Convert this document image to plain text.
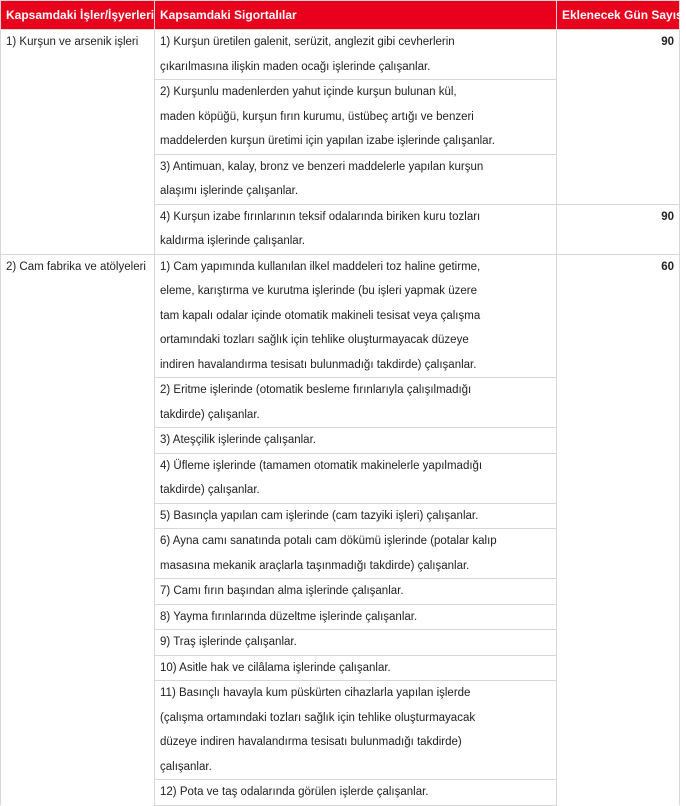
Kapsamdaki İşler/İşyerleri	Kapsamdaki Sigortalılar	Eklenecek Gün Sayısı

1) Kurşun ve arsenik işleri	1) Kurşun üretilen galenit, serüzit, anglezit gibi cevherlerin
çıkarılmasına ilişkin maden ocağı işlerinde çalışanlar.	90

	2) Kurşunlu madenlerden yahut içinde kurşun bulunan kül,
maden köpüğü, kurşun fırın kurumu, üstübeç artığı ve benzeri
maddelerden kurşun üretimi için yapılan izabe işlerinde çalışanlar.	

	3) Antimuan, kalay, bronz ve benzeri maddelerle yapılan kurşun
alaşımı işlerinde çalışanlar.	

	4) Kurşun izabe fırınlarının teksif odalarında biriken kuru tozları
kaldırma işlerinde çalışanlar.	90

2) Cam fabrika ve atölyeleri	1) Cam yapımında kullanılan ilkel maddeleri toz haline getirme,
eleme, karıştırma ve kurutma işlerinde (bu işleri yapmak üzere
tam kapalı odalar içinde otomatik makineli tesisat veya çalışma
ortamındaki tozları sağlık için tehlike oluşturmayacak düzeye
indiren havalandırma tesisatı bulunmadığı takdirde) çalışanlar.	60

	2) Eritme işlerinde (otomatik besleme fırınlarıyla çalışılmadığı
takdirde) çalışanlar.	

	3) Ateşçilik işlerinde çalışanlar.	

	4) Üfleme işlerinde (tamamen otomatik makinelerle yapılmadığı
takdirde) çalışanlar.	

	5) Basınçla yapılan cam işlerinde (cam tazyiki işleri) çalışanlar.	

	6) Ayna camı sanatında potalı cam dökümü işlerinde (potalar kalıp
masasına mekanik araçlarla taşınmadığı takdirde) çalışanlar.	

	7) Camı fırın başından alma işlerinde çalışanlar.	

	8) Yayma fırınlarında düzeltme işlerinde çalışanlar.	

	9) Traş işlerinde çalışanlar.	

	10) Asitle hak ve cilâlama işlerinde çalışanlar.	

	11) Basınçlı havayla kum püskürten cihazlarla yapılan işlerde
(çalışma ortamındaki tozları sağlık için tehlike oluşturmayacak
düzeye indiren havalandırma tesisatı bulunmadığı takdirde)
çalışanlar.	

	12) Pota ve taş odalarında görülen işlerde çalışanlar.	
